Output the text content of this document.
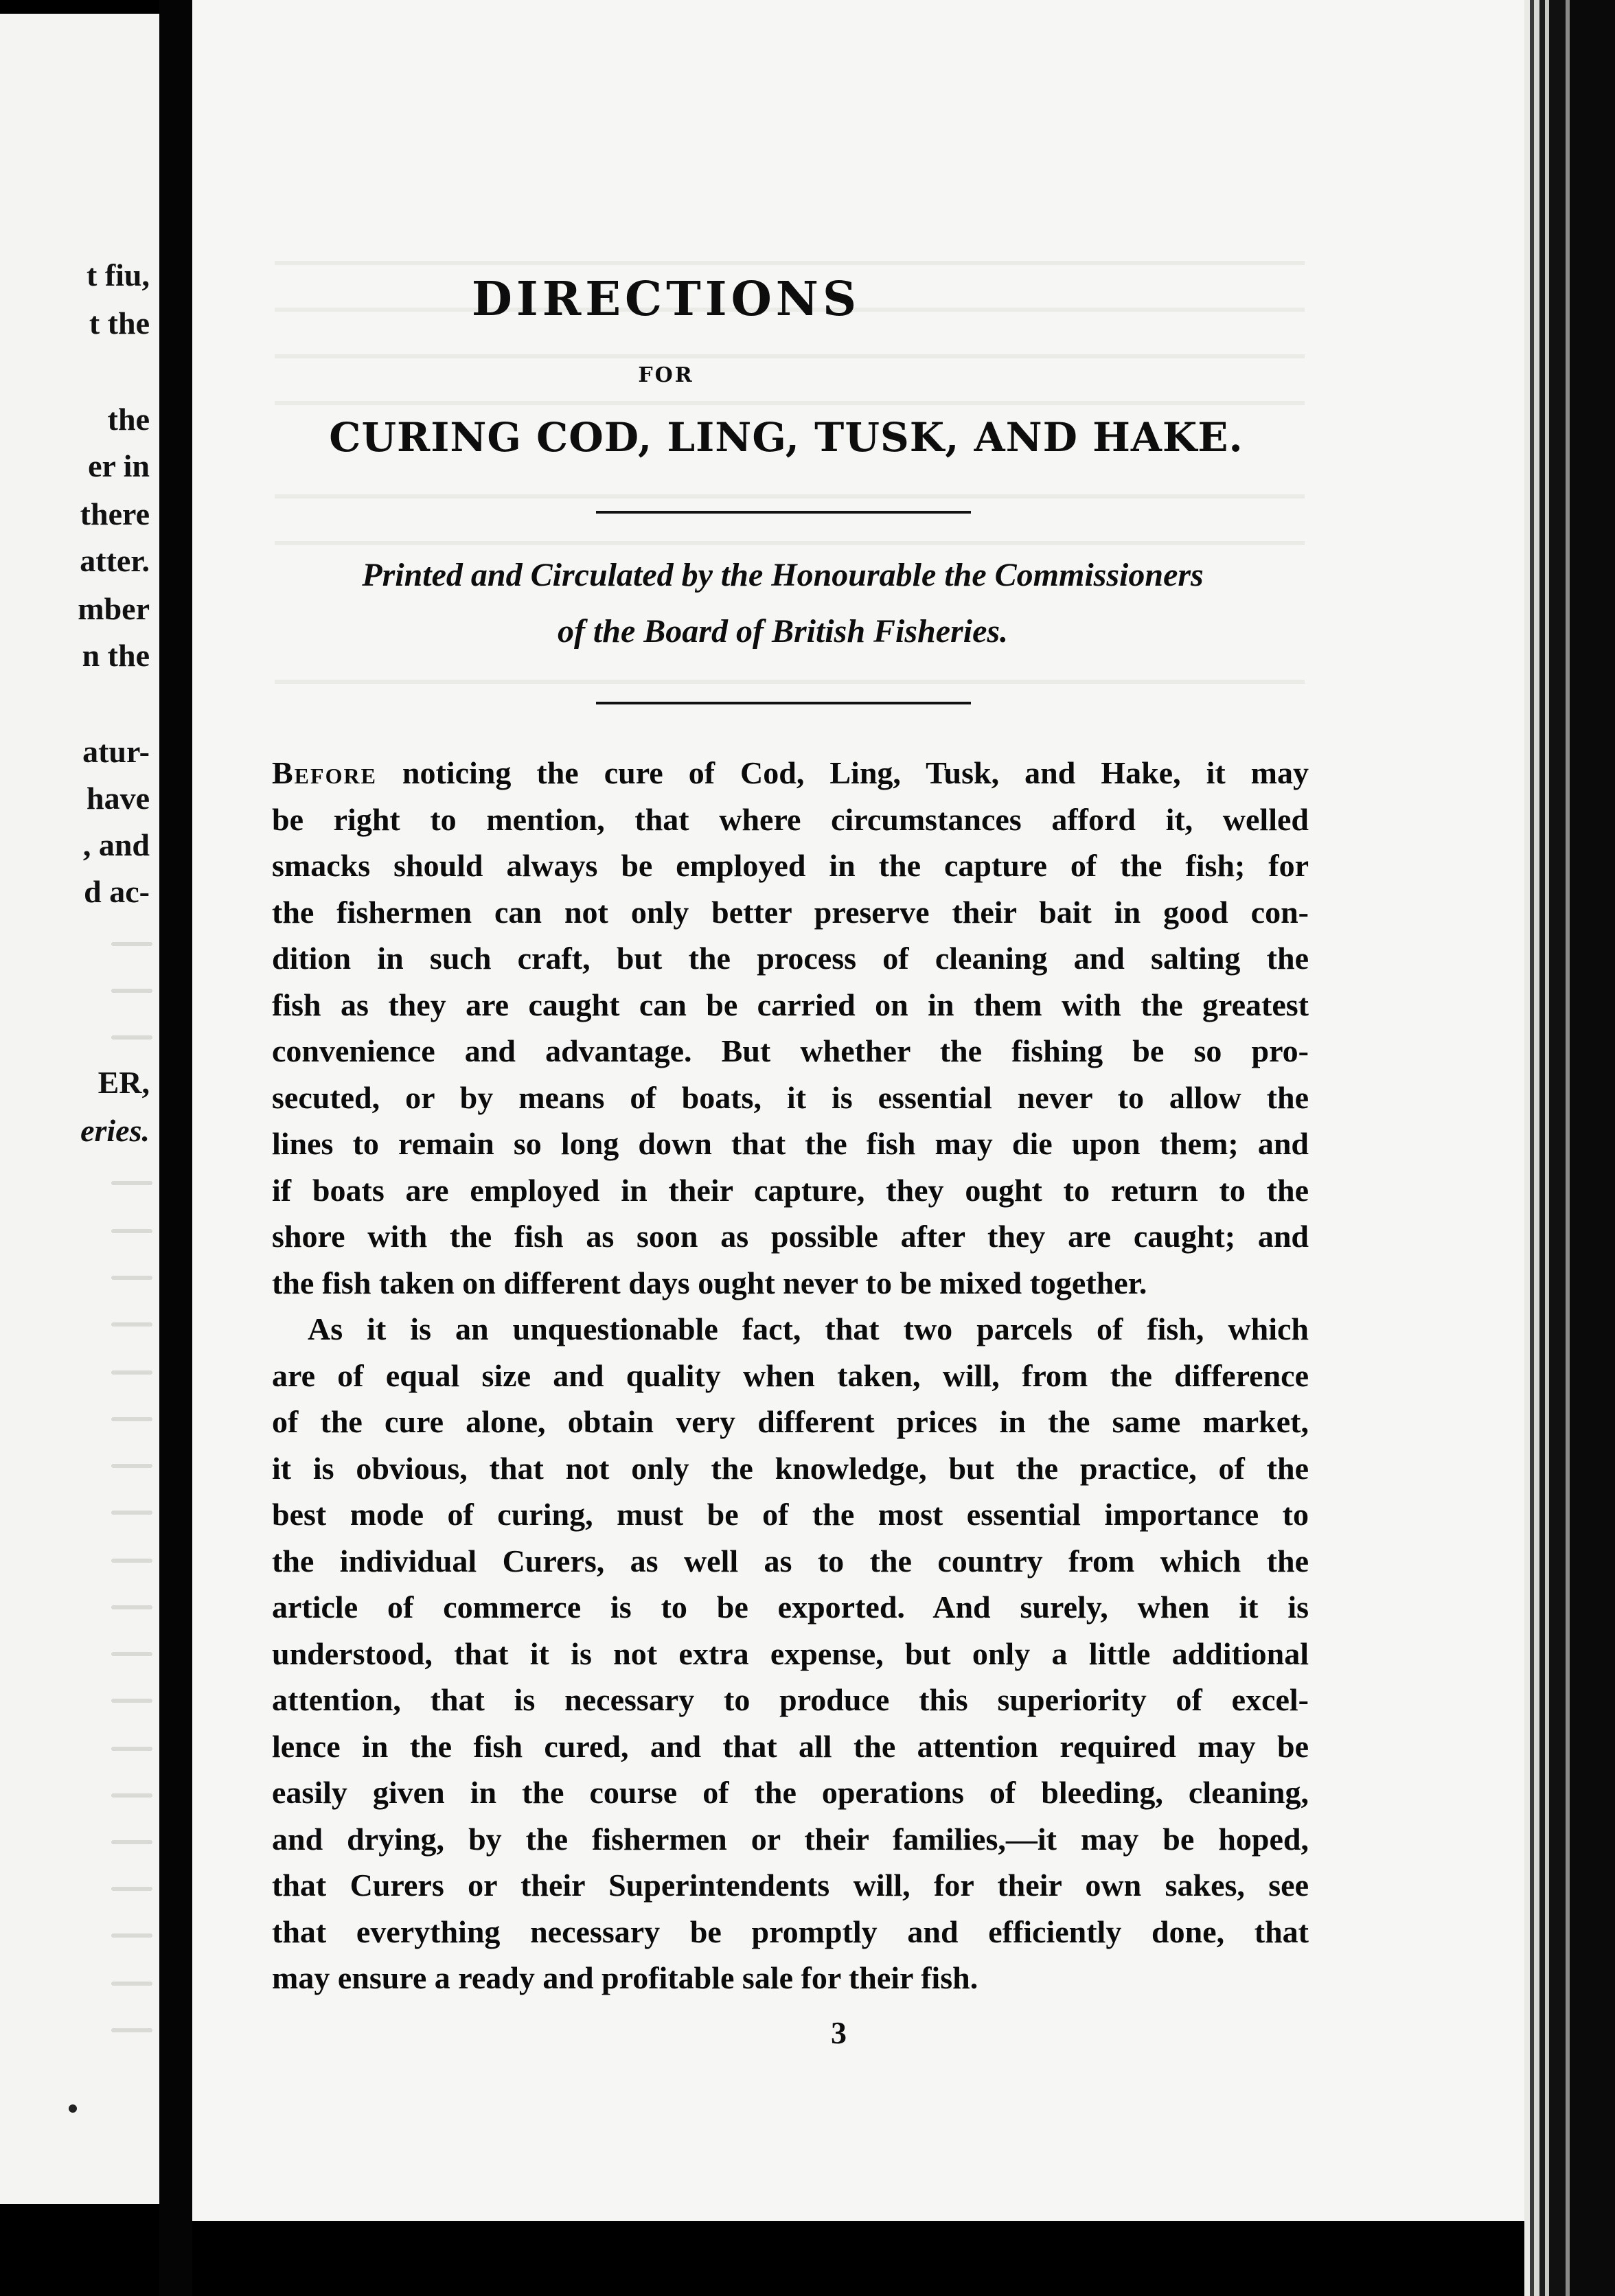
t fiu,
t the
the
er in
there
atter.
mber
n the
atur-
have
, and
d ac-
ER,
eries.
DIRECTIONS
FOR
CURING COD, LING, TUSK, AND HAKE.
Printed and Circulated by the Honourable the Commissioners
of the Board of British Fisheries.
Before noticing the cure of Cod, Ling, Tusk, and Hake, it may
be right to mention, that where circumstances afford it, welled
smacks should always be employed in the capture of the fish; for
the fishermen can not only better preserve their bait in good con-
dition in such craft, but the process of cleaning and salting the
fish as they are caught can be carried on in them with the greatest
convenience and advantage. But whether the fishing be so pro-
secuted, or by means of boats, it is essential never to allow the
lines to remain so long down that the fish may die upon them; and
if boats are employed in their capture, they ought to return to the
shore with the fish as soon as possible after they are caught; and
the fish taken on different days ought never to be mixed together.
As it is an unquestionable fact, that two parcels of fish, which
are of equal size and quality when taken, will, from the difference
of the cure alone, obtain very different prices in the same market,
it is obvious, that not only the knowledge, but the practice, of the
best mode of curing, must be of the most essential importance to
the individual Curers, as well as to the country from which the
article of commerce is to be exported. And surely, when it is
understood, that it is not extra expense, but only a little additional
attention, that is necessary to produce this superiority of excel-
lence in the fish cured, and that all the attention required may be
easily given in the course of the operations of bleeding, cleaning,
and drying, by the fishermen or their families,—it may be hoped,
that Curers or their Superintendents will, for their own sakes, see
that everything necessary be promptly and efficiently done, that
may ensure a ready and profitable sale for their fish.
3
